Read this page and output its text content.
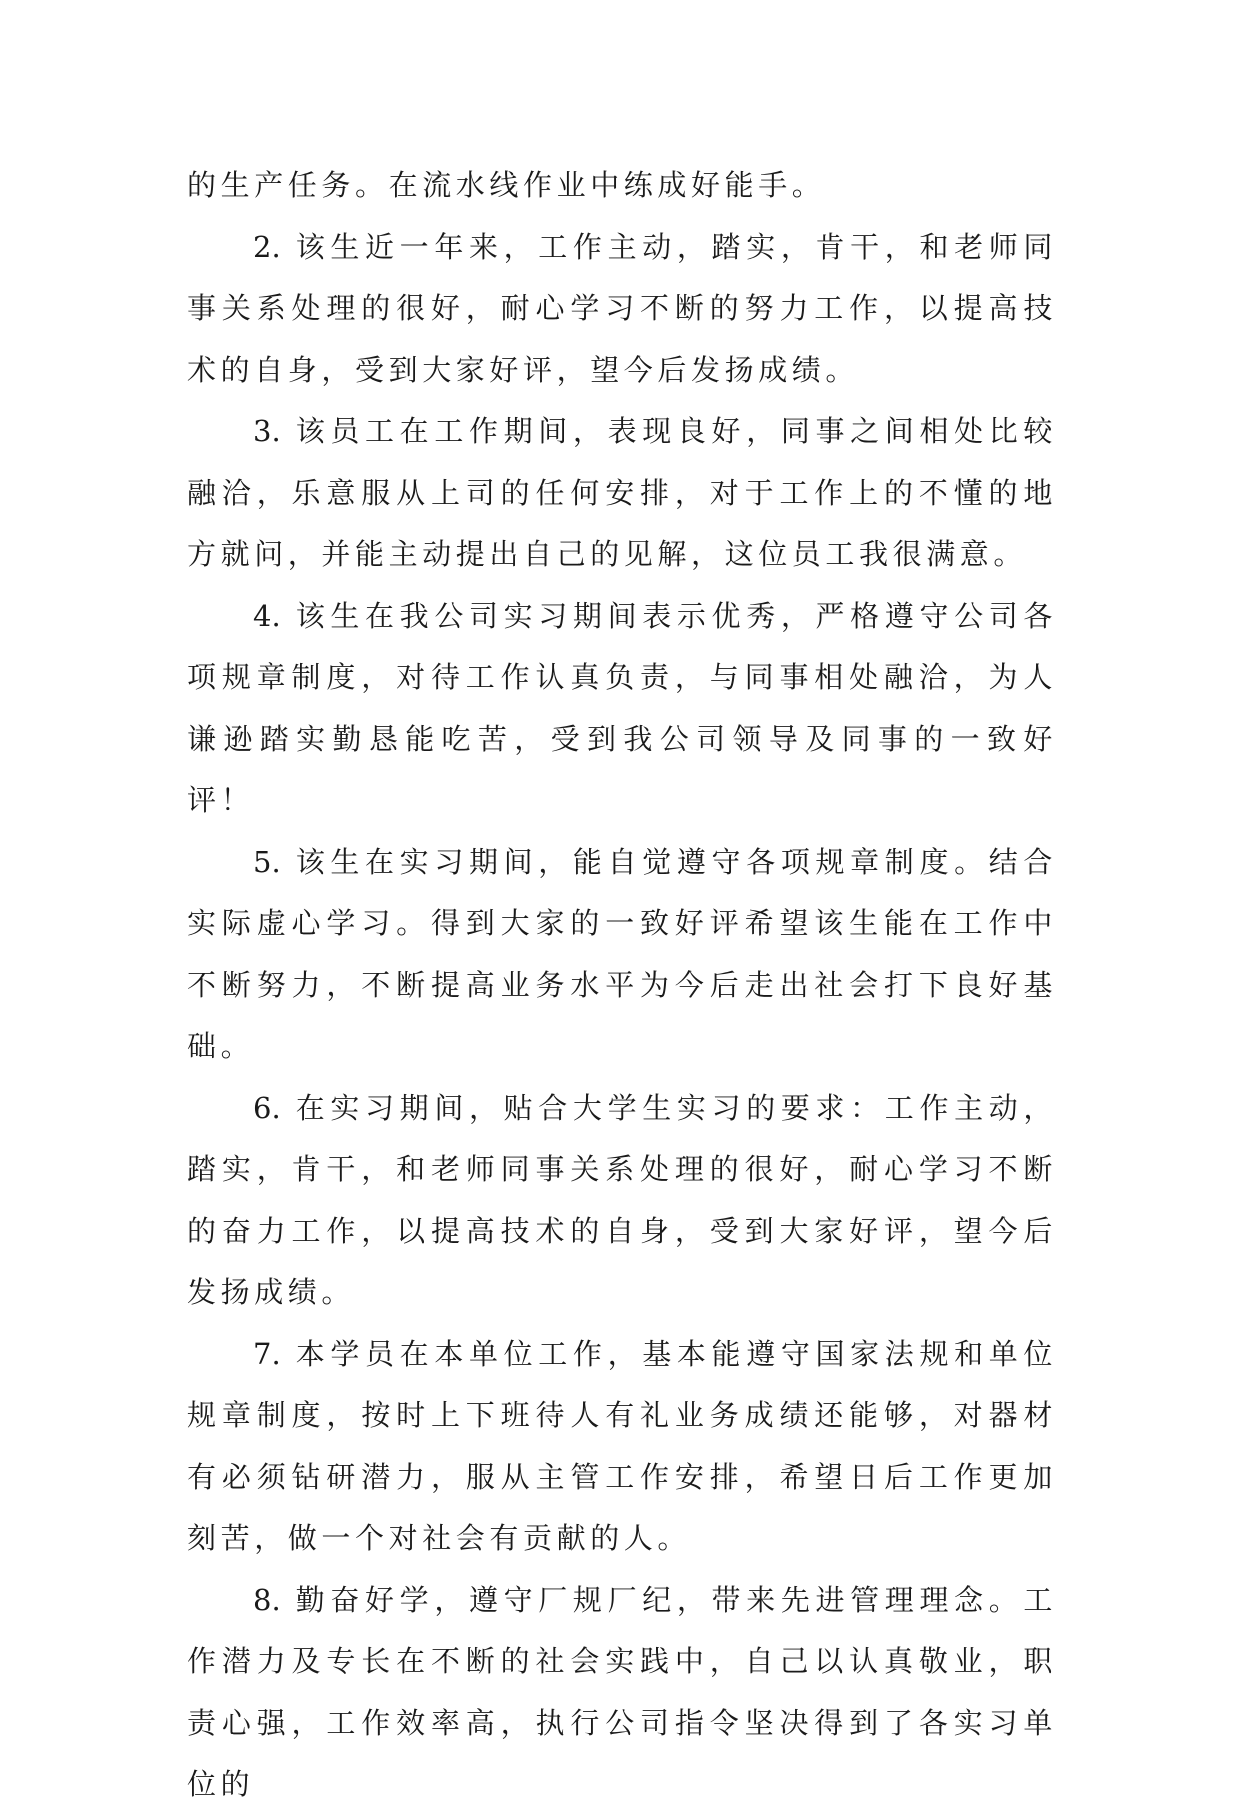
的生产任务。在流水线作业中练成好能手。

2. 该生近一年来，工作主动，踏实，肯干，和老师同事关系处理的很好，耐心学习不断的努力工作，以提高技术的自身，受到大家好评，望今后发扬成绩。

3. 该员工在工作期间，表现良好，同事之间相处比较融洽，乐意服从上司的任何安排，对于工作上的不懂的地方就问，并能主动提出自己的见解，这位员工我很满意。

4. 该生在我公司实习期间表示优秀，严格遵守公司各项规章制度，对待工作认真负责，与同事相处融洽，为人谦逊踏实勤恳能吃苦，受到我公司领导及同事的一致好评！

5. 该生在实习期间，能自觉遵守各项规章制度。结合实际虚心学习。得到大家的一致好评希望该生能在工作中不断努力，不断提高业务水平为今后走出社会打下良好基础。

6. 在实习期间，贴合大学生实习的要求：工作主动，踏实，肯干，和老师同事关系处理的很好，耐心学习不断的奋力工作，以提高技术的自身，受到大家好评，望今后发扬成绩。

7. 本学员在本单位工作，基本能遵守国家法规和单位规章制度，按时上下班待人有礼业务成绩还能够，对器材有必须钻研潜力，服从主管工作安排，希望日后工作更加刻苦，做一个对社会有贡献的人。

8. 勤奋好学，遵守厂规厂纪，带来先进管理理念。工作潜力及专长在不断的社会实践中，自己以认真敬业，职责心强，工作效率高，执行公司指令坚决得到了各实习单位的
